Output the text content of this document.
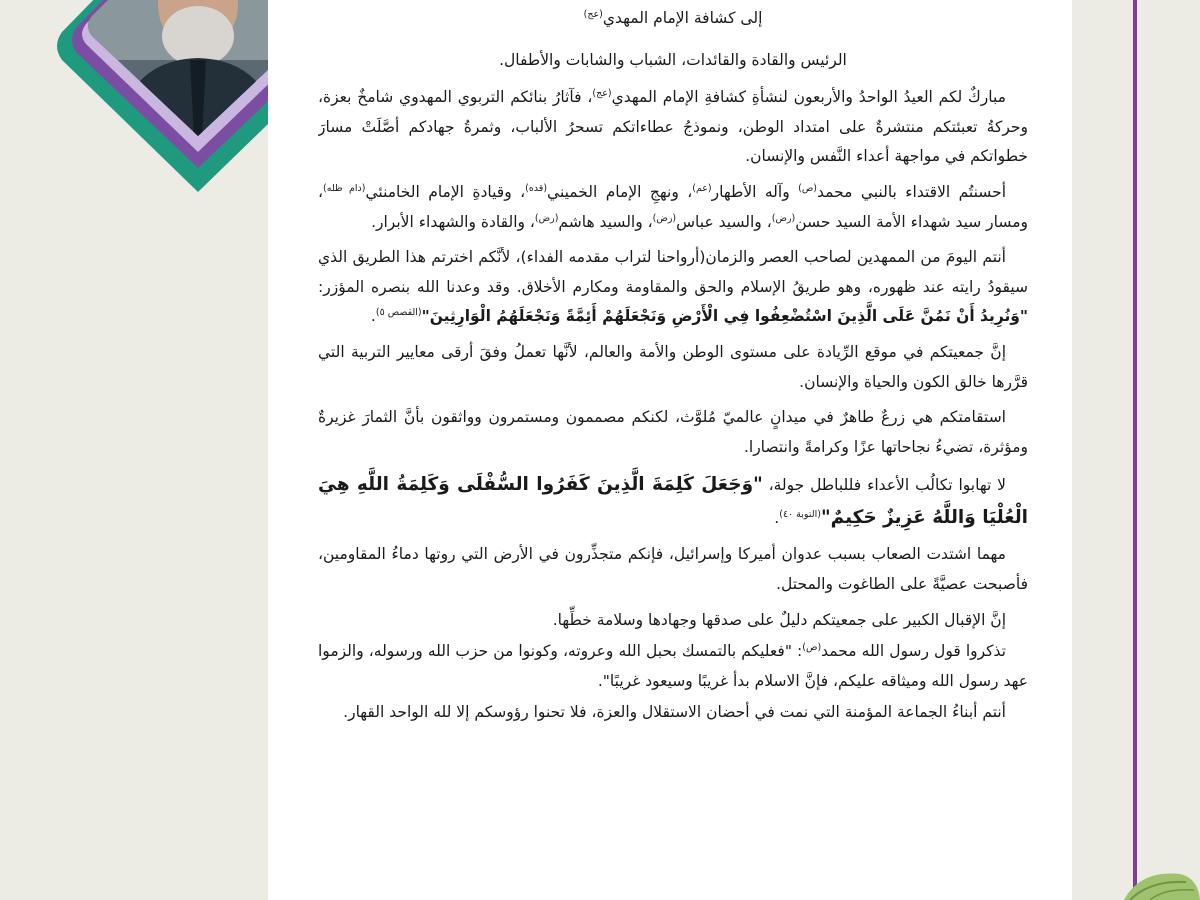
إلى كشافة الإمام المهدي$^{(عج)}$

الرئيس والقادة والقائدات، الشباب والشابات والأطفال.

مباركٌ لكم العيدُ الواحدُ والأربعون لنشأةِ كشافةِ الإمام المهدي$^{(عج)}$، فآثارُ بنائكم التربوي المهدوي شامخٌ بعزة، وحركةُ تعبئتكم منتشرةٌ على امتداد الوطن، ونموذجُ عطاءاتكم تسحرُ الألباب، وثمرةُ جهادكم أصَّلَتْ مسارَ خطواتكم في مواجهة أعداء النَّفس والإنسان.

أحسنتُم الاقتداء بالنبي محمد$^{(ص)}$ وآله الأطهار$^{(عم)}$، ونهجِ الإمام الخميني$^{(قده)}$، وقيادةِ الإمام الخامنئي$^{(دام ظله)}$، ومسار سيد شهداء الأمة السيد حسن$^{(رض)}$، والسيد عباس$^{(رض)}$، والسيد هاشم$^{(رض)}$، والقادة والشهداء الأبرار.

أنتم اليومَ من الممهدين لصاحب العصر والزمان(أرواحنا لتراب مقدمه الفداء)، لأنَّكم اخترتم هذا الطريق الذي سيقودُ رايته عند ظهوره، وهو طريقُ الإسلام والحق والمقاومة ومكارم الأخلاق. وقد وعدنا الله بنصره المؤزر: "وَنُرِيدُ أَنْ نَمُنَّ عَلَى الَّذِينَ اسْتُضْعِفُوا فِي الْأَرْضِ وَنَجْعَلَهُمْ أَئِمَّةً وَنَجْعَلَهُمُ الْوَارِثِينَ"$^{(القصص ٥)}$.

إنَّ جمعيتكم في موقع الرِّيادة على مستوى الوطن والأمة والعالم، لأنَّها تعملُ وفقَ أرقى معايير التربية التي قرَّرها خالق الكون والحياة والإنسان.

استقامتكم هي زرعٌ طاهرٌ في ميدانٍ عالميّ مُلوَّث، لكنكم مصممون ومستمرون وواثقون بأنَّ الثمارَ غزيرةٌ ومؤثرة، تضيءُ نجاحاتها عزًا وكرامةً وانتصارا.

لا تهابوا تكالُب الأعداء فللباطل جولة، "وَجَعَلَ كَلِمَةَ الَّذِينَ كَفَرُوا السُّفْلَى وَكَلِمَةُ اللَّهِ هِيَ الْعُلْيَا وَاللَّهُ عَزِيزٌ حَكِيمٌ"$^{(التوبة ٤٠)}$.

مهما اشتدت الصعاب بسبب عدوان أميركا وإسرائيل، فإنكم متجذِّرون في الأرض التي روتها دماءُ المقاومين، فأصبحت عصيَّةً على الطاغوت والمحتل.

إنَّ الإقبال الكبير على جمعيتكم دليلٌ على صدقها وجهادها وسلامة خطِّها.

تذكروا قول رسول الله محمد$^{(ص)}$: "فعليكم بالتمسك بحبل الله وعروته، وكونوا من حزب الله ورسوله، والزموا عهد رسول الله وميثاقه عليكم، فإنَّ الاسلام بدأ غريبًا وسيعود غريبًا".

أنتم أبناءُ الجماعة المؤمنة التي نمت في أحضان الاستقلال والعزة، فلا تحنوا رؤوسكم إلا لله الواحد القهار.
